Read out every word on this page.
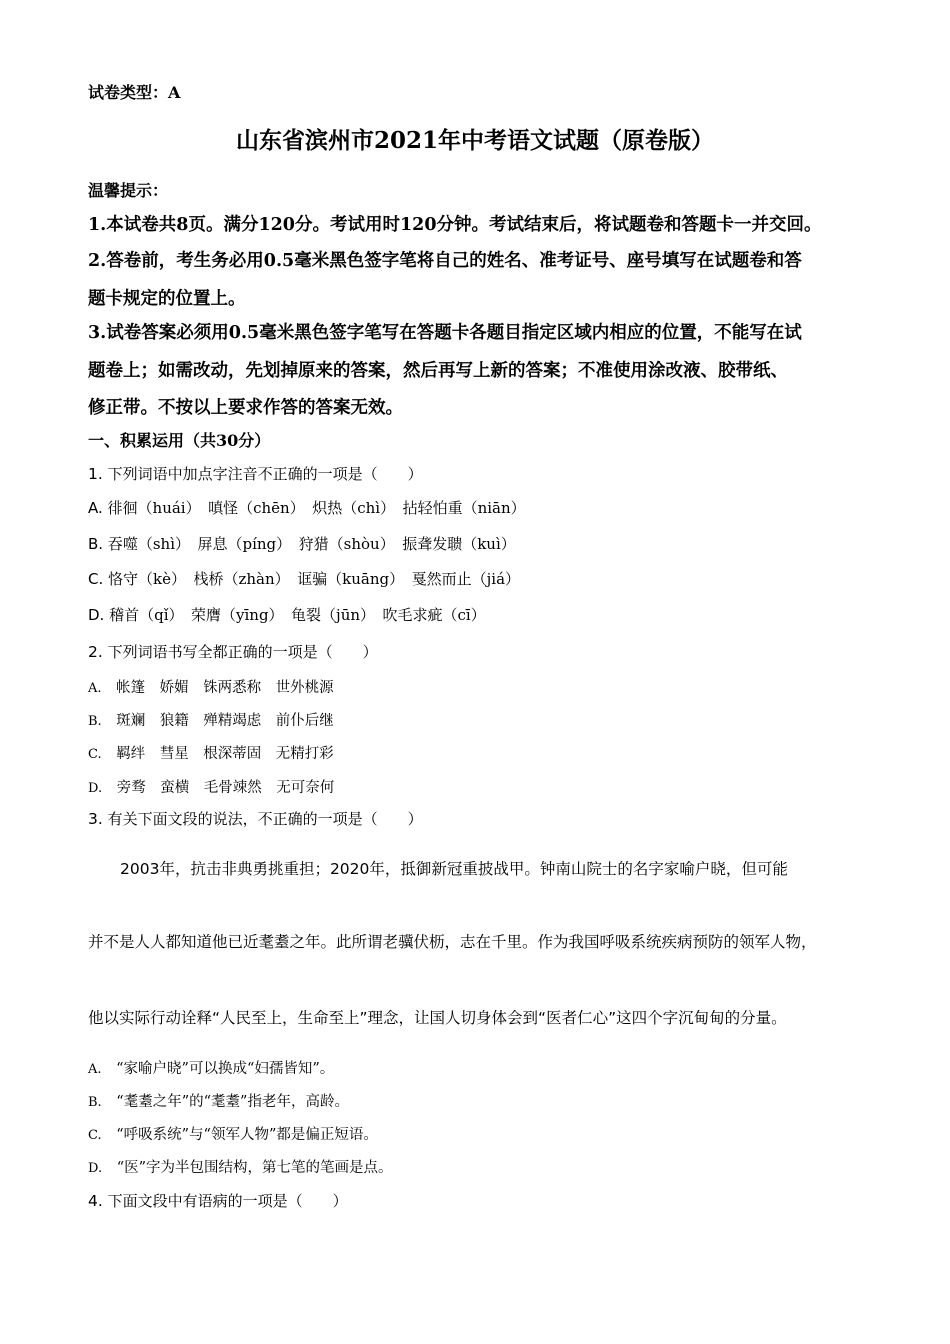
试卷类型：A
山东省滨州市2021年中考语文试题（原卷版）
温馨提示：
1.本试卷共8页。满分120分。考试用时120分钟。考试结束后，将试题卷和答题卡一并交回。
2.答卷前，考生务必用0.5毫米黑色签字笔将自己的姓名、准考证号、座号填写在试题卷和答
题卡规定的位置上。
3.试卷答案必须用0.5毫米黑色签字笔写在答题卡各题目指定区域内相应的位置，不能写在试
题卷上；如需改动，先划掉原来的答案，然后再写上新的答案；不准使用涂改液、胶带纸、
修正带。不按以上要求作答的答案无效。
一、积累运用（共30分）
1. 下列词语中加点字注音不正确的一项是（　　）
A. 徘徊（huái）　嗔怪（chēn）　炽热（chì）　拈轻怕重（niān）
B. 吞噬（shì）　屏息（píng）　狩猎（shòu）　振聋发聩（kuì）
C. 恪守（kè）　栈桥（zhàn）　诓骗（kuāng）　戛然而止（jiá）
D. 稽首（qǐ）　荣膺（yīng）　龟裂（jūn）　吹毛求疵（cī）
2. 下列词语书写全都正确的一项是（　　）
A. 帐篷　娇媚　铢两悉称　世外桃源
B. 斑斓　狼籍　殚精竭虑　前仆后继
C. 羁绊　彗星　根深蒂固　无精打彩
D. 旁骛　蛮横　毛骨竦然　无可奈何
3. 有关下面文段的说法，不正确的一项是（　　）
2003年，抗击非典勇挑重担；2020年，抵御新冠重披战甲。钟南山院士的名字家喻户晓，但可能
并不是人人都知道他已近耄耋之年。此所谓老骥伏枥，志在千里。作为我国呼吸系统疾病预防的领军人物，
他以实际行动诠释“人民至上，生命至上”理念，让国人切身体会到“医者仁心”这四个字沉甸甸的分量。
A. “家喻户晓”可以换成“妇孺皆知”。
B. “耄耋之年”的“耄耋”指老年，高龄。
C. “呼吸系统”与“领军人物”都是偏正短语。
D. “医”字为半包围结构，第七笔的笔画是点。
4. 下面文段中有语病的一项是（　　）
